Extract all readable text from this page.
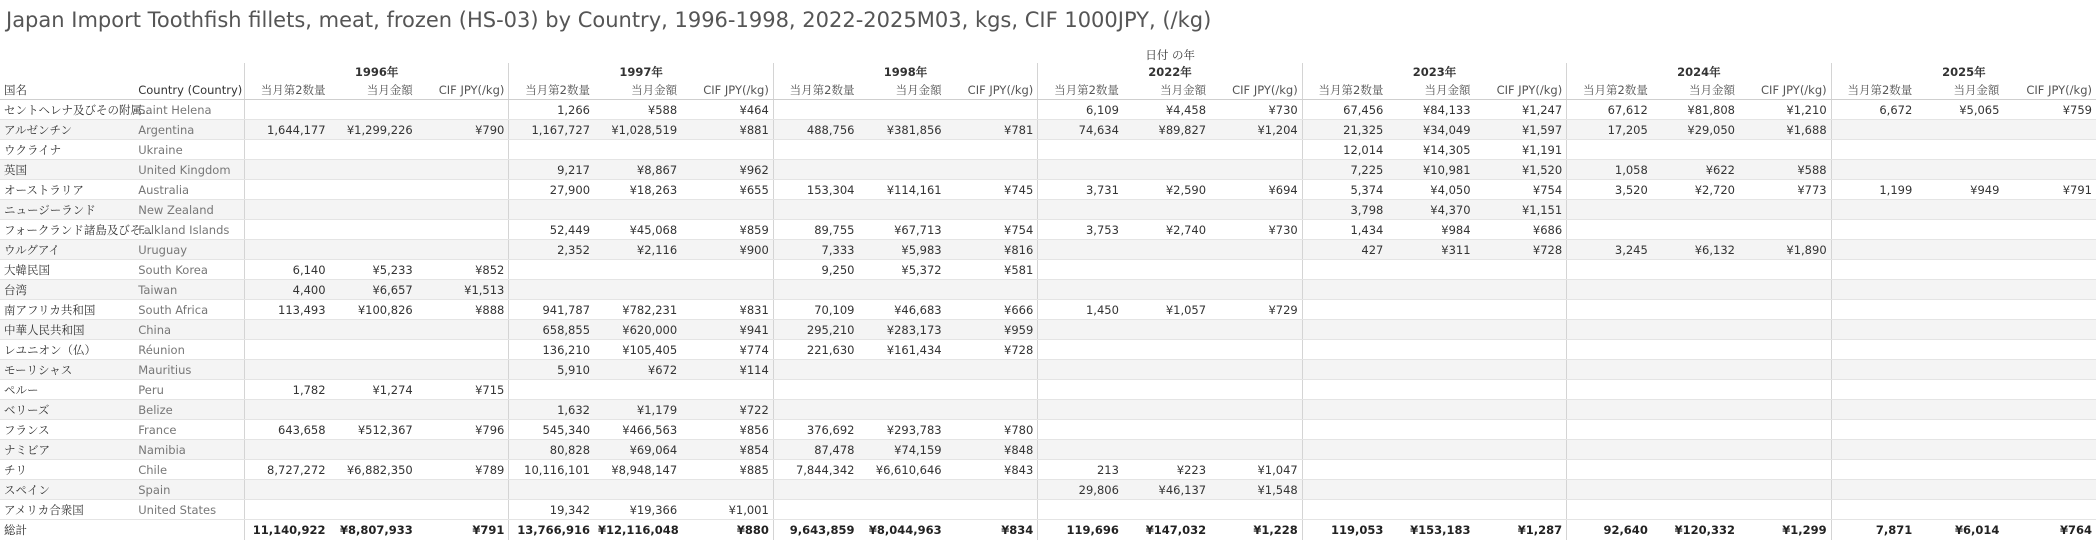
Japan Import Toothfish fillets, meat, frozen (HS-03) by Country, 1996-1998, 2022-2025M03, kgs, CIF 1000JPY, (/kg)
		日付 の年																				
		1996年			1997年			1998年			2022年			2023年			2024年			2025年		
国名	Country (Country)	当月第2数量	当月金額	CIF JPY(/kg)	当月第2数量	当月金額	CIF JPY(/kg)	当月第2数量	当月金額	CIF JPY(/kg)	当月第2数量	当月金額	CIF JPY(/kg)	当月第2数量	当月金額	CIF JPY(/kg)	当月第2数量	当月金額	CIF JPY(/kg)	当月第2数量	当月金額	CIF JPY(/kg)
セントヘレナ及びその附属...	Saint Helena				1,266	¥588	¥464				6,109	¥4,458	¥730	67,456	¥84,133	¥1,247	67,612	¥81,808	¥1,210	6,672	¥5,065	¥759
アルゼンチン	Argentina	1,644,177	¥1,299,226	¥790	1,167,727	¥1,028,519	¥881	488,756	¥381,856	¥781	74,634	¥89,827	¥1,204	21,325	¥34,049	¥1,597	17,205	¥29,050	¥1,688			
ウクライナ	Ukraine													12,014	¥14,305	¥1,191						
英国	United Kingdom				9,217	¥8,867	¥962							7,225	¥10,981	¥1,520	1,058	¥622	¥588			
オーストラリア	Australia				27,900	¥18,263	¥655	153,304	¥114,161	¥745	3,731	¥2,590	¥694	5,374	¥4,050	¥754	3,520	¥2,720	¥773	1,199	¥949	¥791
ニュージーランド	New Zealand													3,798	¥4,370	¥1,151						
フォークランド諸島及びそ...	Falkland Islands				52,449	¥45,068	¥859	89,755	¥67,713	¥754	3,753	¥2,740	¥730	1,434	¥984	¥686						
ウルグアイ	Uruguay				2,352	¥2,116	¥900	7,333	¥5,983	¥816				427	¥311	¥728	3,245	¥6,132	¥1,890			
大韓民国	South Korea	6,140	¥5,233	¥852				9,250	¥5,372	¥581												
台湾	Taiwan	4,400	¥6,657	¥1,513																		
南アフリカ共和国	South Africa	113,493	¥100,826	¥888	941,787	¥782,231	¥831	70,109	¥46,683	¥666	1,450	¥1,057	¥729									
中華人民共和国	China				658,855	¥620,000	¥941	295,210	¥283,173	¥959												
レユニオン（仏）	Réunion				136,210	¥105,405	¥774	221,630	¥161,434	¥728												
モーリシャス	Mauritius				5,910	¥672	¥114															
ペルー	Peru	1,782	¥1,274	¥715																		
ベリーズ	Belize				1,632	¥1,179	¥722															
フランス	France	643,658	¥512,367	¥796	545,340	¥466,563	¥856	376,692	¥293,783	¥780												
ナミビア	Namibia				80,828	¥69,064	¥854	87,478	¥74,159	¥848												
チリ	Chile	8,727,272	¥6,882,350	¥789	10,116,101	¥8,948,147	¥885	7,844,342	¥6,610,646	¥843	213	¥223	¥1,047									
スペイン	Spain										29,806	¥46,137	¥1,548									
アメリカ合衆国	United States				19,342	¥19,366	¥1,001															
総計		11,140,922	¥8,807,933	¥791	13,766,916	¥12,116,048	¥880	9,643,859	¥8,044,963	¥834	119,696	¥147,032	¥1,228	119,053	¥153,183	¥1,287	92,640	¥120,332	¥1,299	7,871	¥6,014	¥764
